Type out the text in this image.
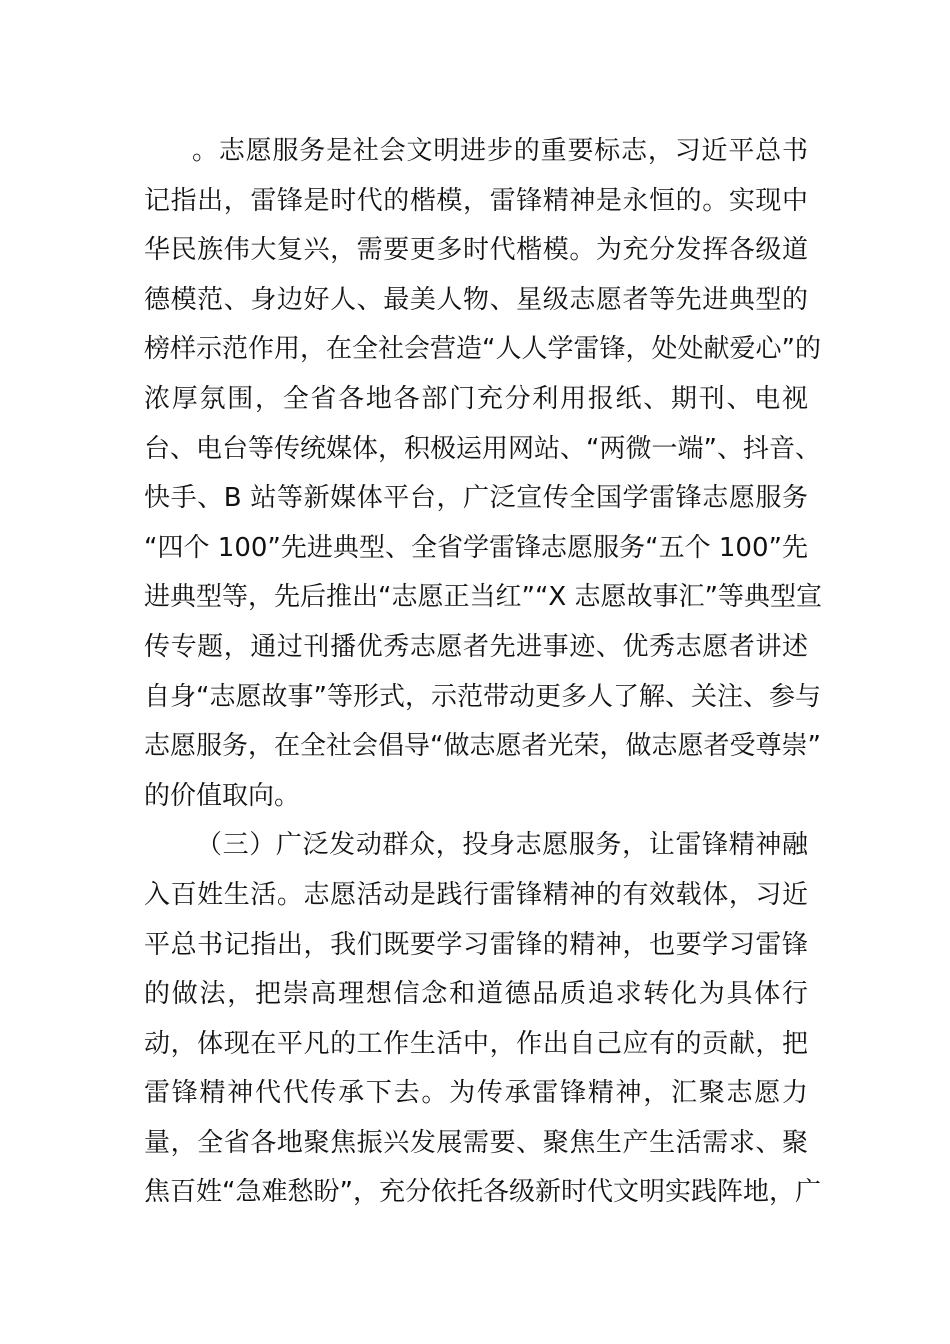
。志愿服务是社会文明进步的重要标志，习近平总书
记指出，雷锋是时代的楷模，雷锋精神是永恒的。实现中
华民族伟大复兴，需要更多时代楷模。为充分发挥各级道
德模范、身边好人、最美人物、星级志愿者等先进典型的
榜样示范作用，在全社会营造“人人学雷锋，处处献爱心”的
浓厚氛围，全省各地各部门充分利用报纸、期刊、电视
台、电台等传统媒体，积极运用网站、“两微一端”、抖音、
快手、B 站等新媒体平台，广泛宣传全国学雷锋志愿服务
“四个 100”先进典型、全省学雷锋志愿服务“五个 100”先
进典型等，先后推出“志愿正当红”“X 志愿故事汇”等典型宣
传专题，通过刊播优秀志愿者先进事迹、优秀志愿者讲述
自身“志愿故事”等形式，示范带动更多人了解、关注、参与
志愿服务，在全社会倡导“做志愿者光荣，做志愿者受尊崇”
的价值取向。
（三）广泛发动群众，投身志愿服务，让雷锋精神融
入百姓生活。志愿活动是践行雷锋精神的有效载体，习近
平总书记指出，我们既要学习雷锋的精神，也要学习雷锋
的做法，把崇高理想信念和道德品质追求转化为具体行
动，体现在平凡的工作生活中，作出自己应有的贡献，把
雷锋精神代代传承下去。为传承雷锋精神，汇聚志愿力
量，全省各地聚焦振兴发展需要、聚焦生产生活需求、聚
焦百姓“急难愁盼”，充分依托各级新时代文明实践阵地，广
